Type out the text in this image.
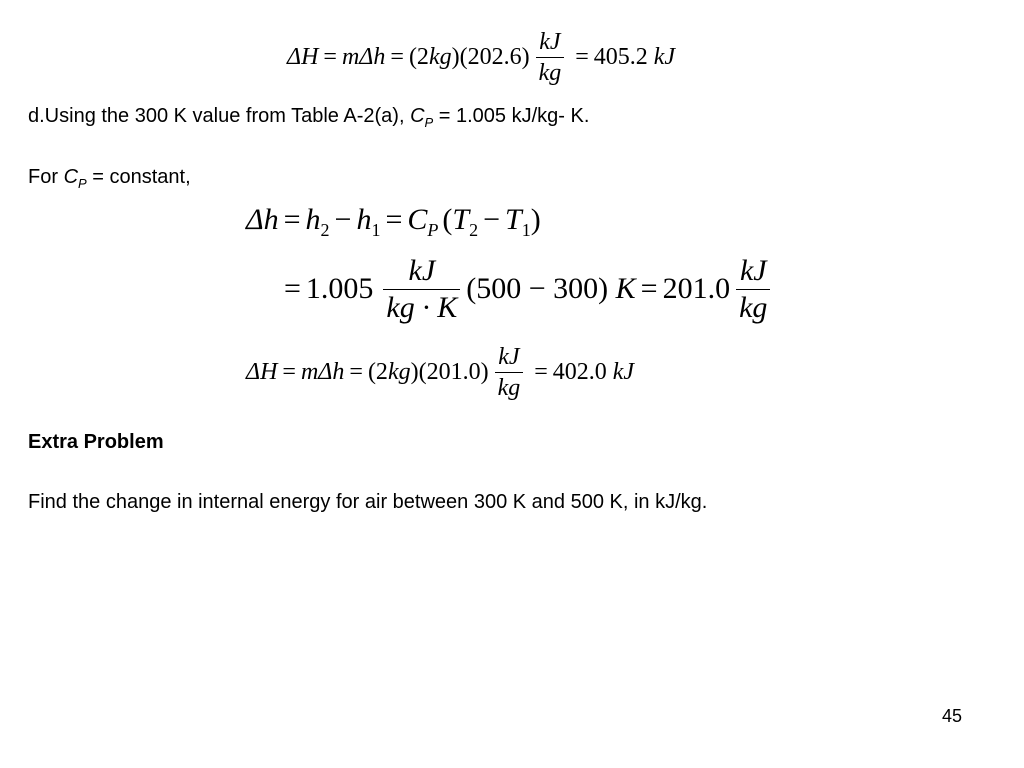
ΔH = mΔh = (2 kg ) $(202.6) \frac{kJ}{kg} = 405.2$
kJ
d.Using the 300 K value from Table A-2(a), $C_P = 1.005$ kJ/kg- K.
For $C_P$ = constant,
Δh = h 2 − h 1 = C P ( T 2 − T 1 )
= $1.005 \frac{kJ}{kg \cdot K} (500 - 300)$
$K = 201.0 \frac{kJ}{kg}$
ΔH = mΔh = (2 kg ) $(201.0) \frac{kJ}{kg} = 402.0$
kJ
Extra Problem
Find the change in internal energy for air between 300 K and 500 K, in kJ/kg.
45
